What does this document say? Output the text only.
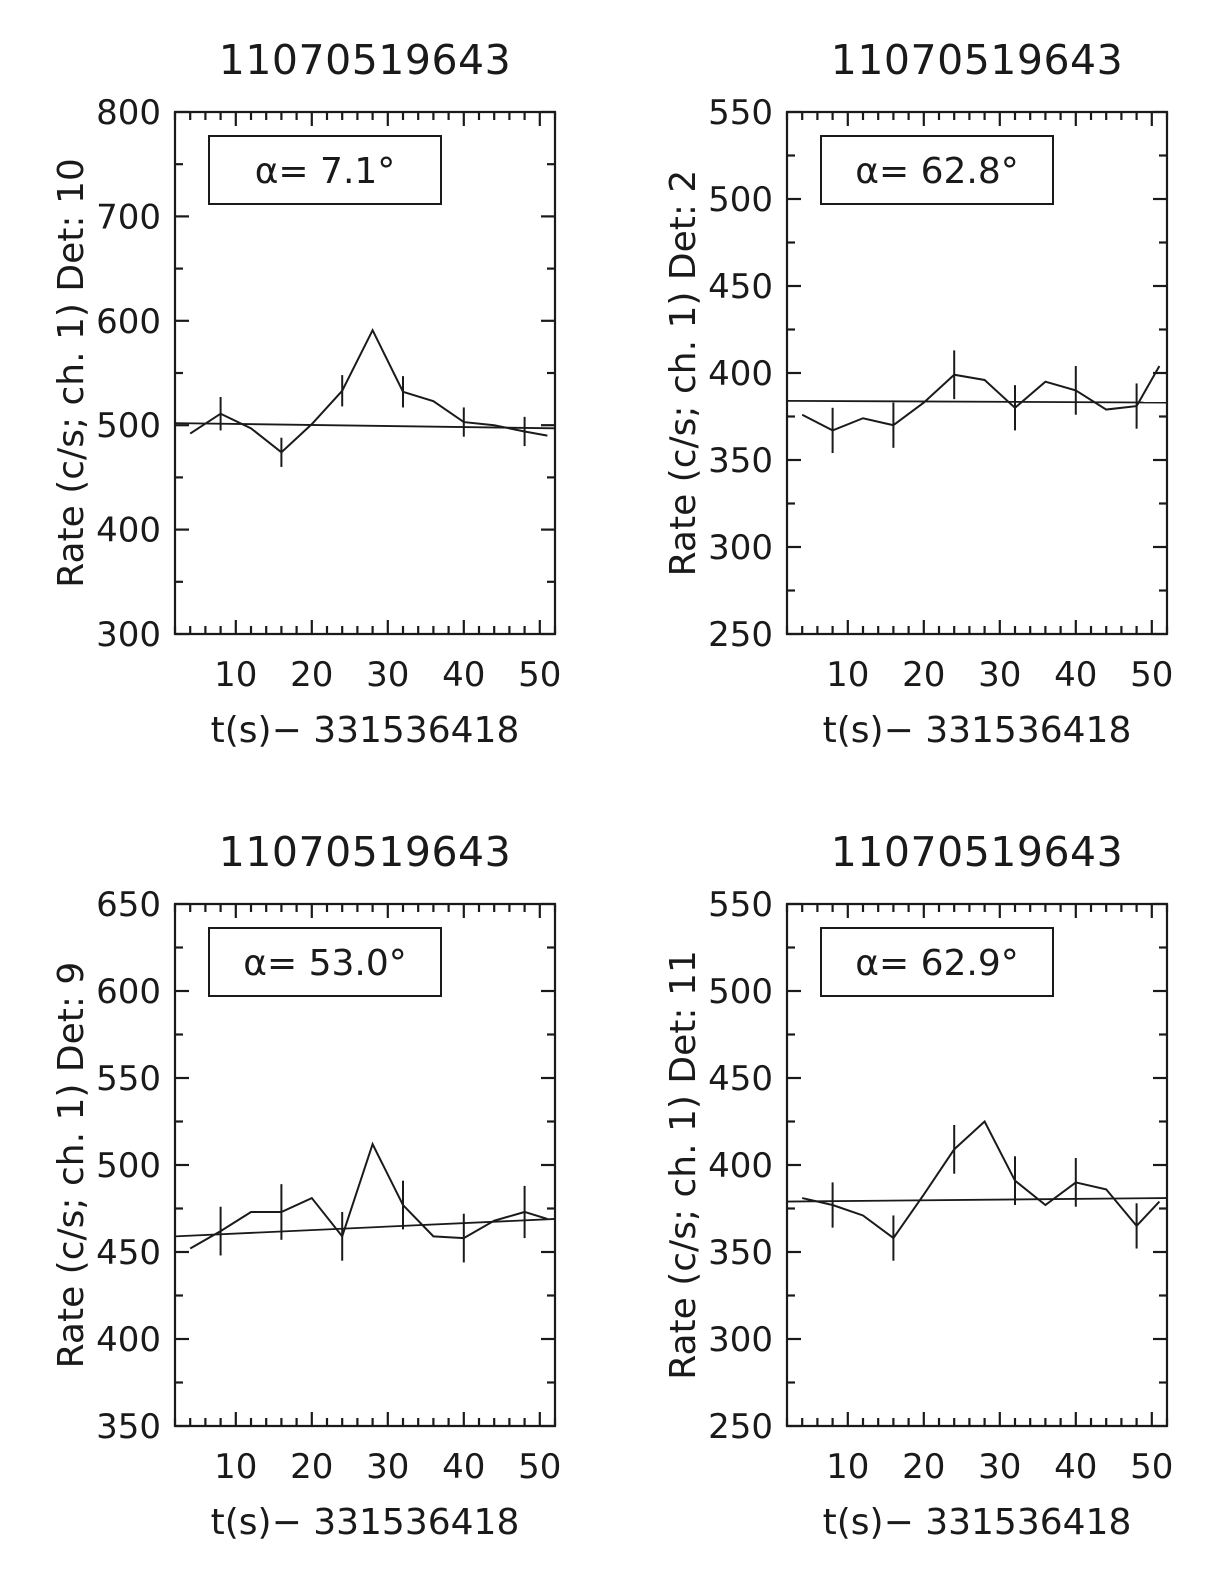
11070519643
10 20 30 40 50
300
400
500
600
700
800
Rate (c/s; ch. 1) Det: 10
t(s)− 331536418
α= 7.1°
11070519643
10 20 30 40 50
250
300
350
400
450
500
550
Rate (c/s; ch. 1) Det: 2
t(s)− 331536418
α= 62.8°
11070519643
10 20 30 40 50
350
400
450
500
550
600
650
Rate (c/s; ch. 1) Det: 9
t(s)− 331536418
α= 53.0°
11070519643
10 20 30 40 50
250
300
350
400
450
500
550
Rate (c/s; ch. 1) Det: 11
t(s)− 331536418
α= 62.9°
